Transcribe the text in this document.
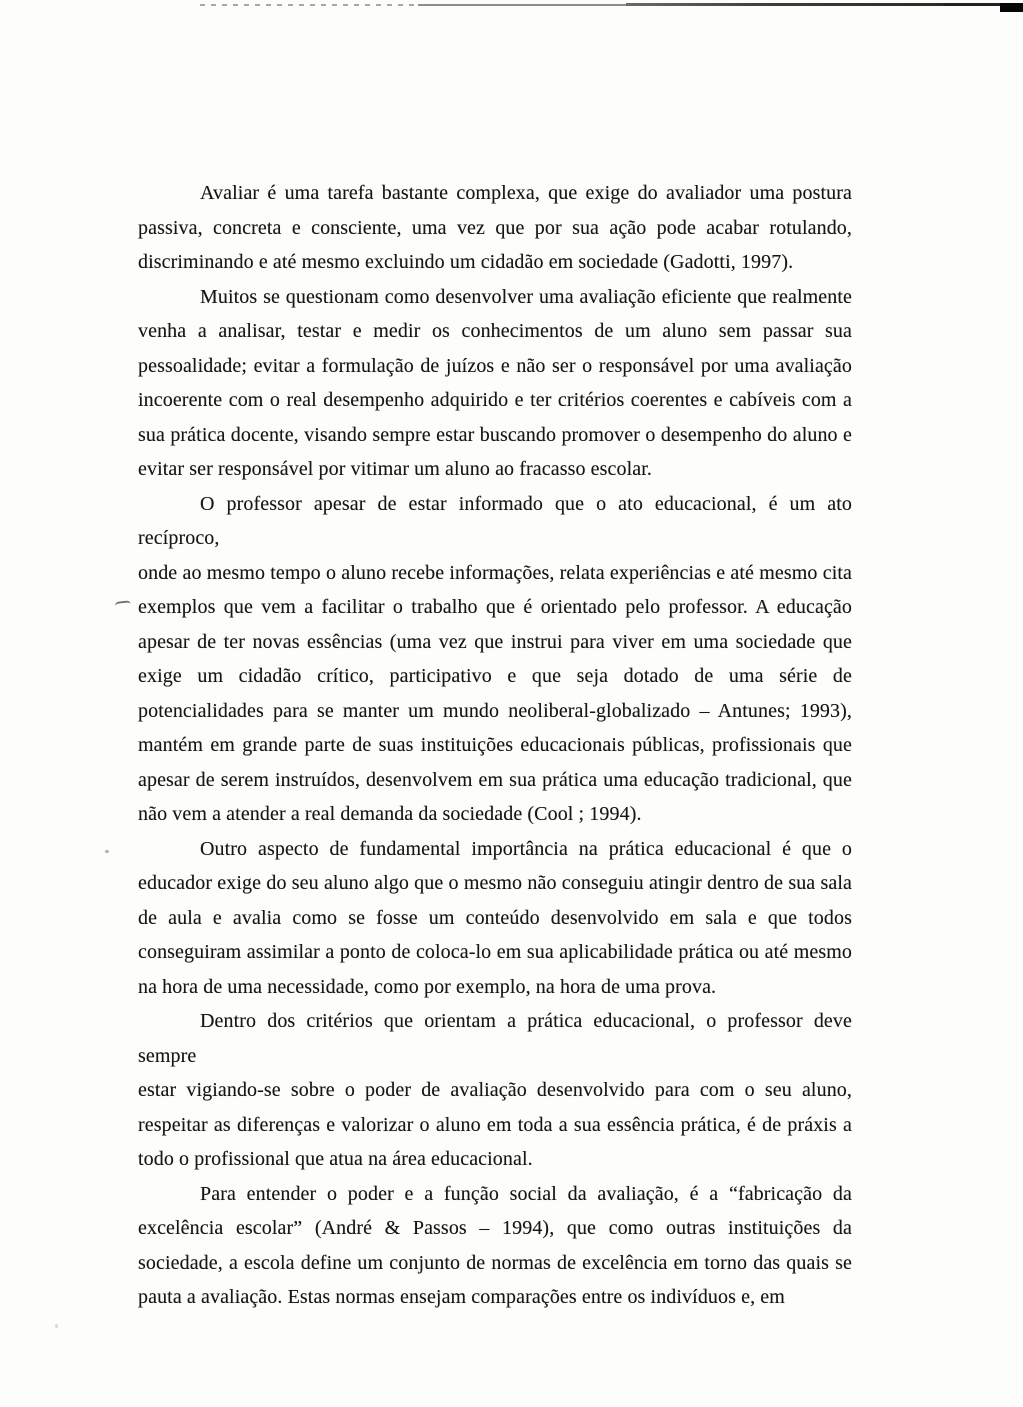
Avaliar é uma tarefa bastante complexa, que exige do avaliador uma postura
passiva, concreta e consciente, uma vez que por sua ação pode acabar rotulando,
discriminando e até mesmo excluindo um cidadão em sociedade (Gadotti, 1997).

Muitos se questionam como desenvolver uma avaliação eficiente que realmente
venha a analisar, testar e medir os conhecimentos de um aluno sem passar sua
pessoalidade; evitar a formulação de juízos e não ser o responsável por uma avaliação
incoerente com o real desempenho adquirido e ter critérios coerentes e cabíveis com a
sua prática docente, visando sempre estar buscando promover o desempenho do aluno e
evitar ser responsável por vitimar um aluno ao fracasso escolar.

O professor apesar de estar informado que o ato educacional, é um ato recíproco,
onde ao mesmo tempo o aluno recebe informações, relata experiências e até mesmo cita
exemplos que vem a facilitar o trabalho que é orientado pelo professor. A educação
apesar de ter novas essências (uma vez que instrui para viver em uma sociedade que
exige um cidadão crítico, participativo e que seja dotado de uma série de
potencialidades para se manter um mundo neoliberal-globalizado – Antunes; 1993),
mantém em grande parte de suas instituições educacionais públicas, profissionais que
apesar de serem instruídos, desenvolvem em sua prática uma educação tradicional, que
não vem a atender a real demanda da sociedade (Cool ; 1994).

Outro aspecto de fundamental importância na prática educacional é que o
educador exige do seu aluno algo que o mesmo não conseguiu atingir dentro de sua sala
de aula e avalia como se fosse um conteúdo desenvolvido em sala e que todos
conseguiram assimilar a ponto de coloca-lo em sua aplicabilidade prática ou até mesmo
na hora de uma necessidade, como por exemplo, na hora de uma prova.

Dentro dos critérios que orientam a prática educacional, o professor deve sempre
estar vigiando-se sobre o poder de avaliação desenvolvido para com o seu aluno,
respeitar as diferenças e valorizar o aluno em toda a sua essência prática, é de práxis a
todo o profissional que atua na área educacional.

Para entender o poder e a função social da avaliação, é a “fabricação da
excelência escolar” (André & Passos – 1994), que como outras instituições da
sociedade, a escola define um conjunto de normas de excelência em torno das quais se
pauta a avaliação. Estas normas ensejam comparações entre os indivíduos e, em
